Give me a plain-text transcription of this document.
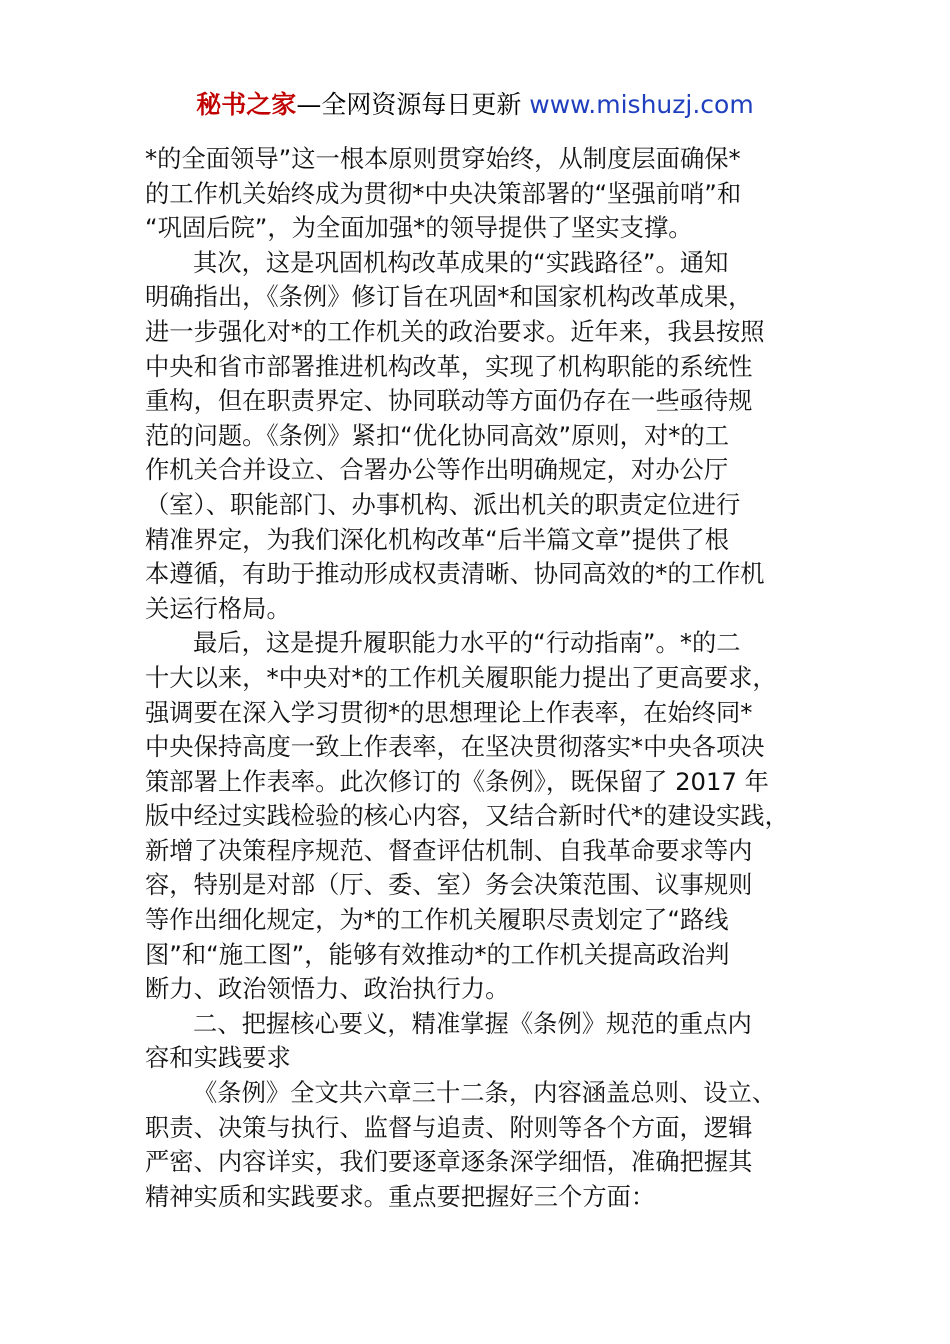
秘书之家—全网资源每日更新 www.mishuzj.com
*的全面领导”这一根本原则贯穿始终，从制度层面确保*
的工作机关始终成为贯彻*中央决策部署的“坚强前哨”和
“巩固后院”，为全面加强*的领导提供了坚实支撑。
其次，这是巩固机构改革成果的“实践路径”。通知
明确指出，《条例》修订旨在巩固*和国家机构改革成果，
进一步强化对*的工作机关的政治要求。近年来，我县按照
中央和省市部署推进机构改革，实现了机构职能的系统性
重构，但在职责界定、协同联动等方面仍存在一些亟待规
范的问题。《条例》紧扣“优化协同高效”原则，对*的工
作机关合并设立、合署办公等作出明确规定，对办公厅
（室）、职能部门、办事机构、派出机关的职责定位进行
精准界定，为我们深化机构改革“后半篇文章”提供了根
本遵循，有助于推动形成权责清晰、协同高效的*的工作机
关运行格局。
最后，这是提升履职能力水平的“行动指南”。*的二
十大以来，*中央对*的工作机关履职能力提出了更高要求，
强调要在深入学习贯彻*的思想理论上作表率，在始终同*
中央保持高度一致上作表率，在坚决贯彻落实*中央各项决
策部署上作表率。此次修订的《条例》，既保留了 2017 年
版中经过实践检验的核心内容，又结合新时代*的建设实践，
新增了决策程序规范、督查评估机制、自我革命要求等内
容，特别是对部（厅、委、室）务会决策范围、议事规则
等作出细化规定，为*的工作机关履职尽责划定了“路线
图”和“施工图”，能够有效推动*的工作机关提高政治判
断力、政治领悟力、政治执行力。
二、把握核心要义，精准掌握《条例》规范的重点内
容和实践要求
《条例》全文共六章三十二条，内容涵盖总则、设立、
职责、决策与执行、监督与追责、附则等各个方面，逻辑
严密、内容详实，我们要逐章逐条深学细悟，准确把握其
精神实质和实践要求。重点要把握好三个方面：
